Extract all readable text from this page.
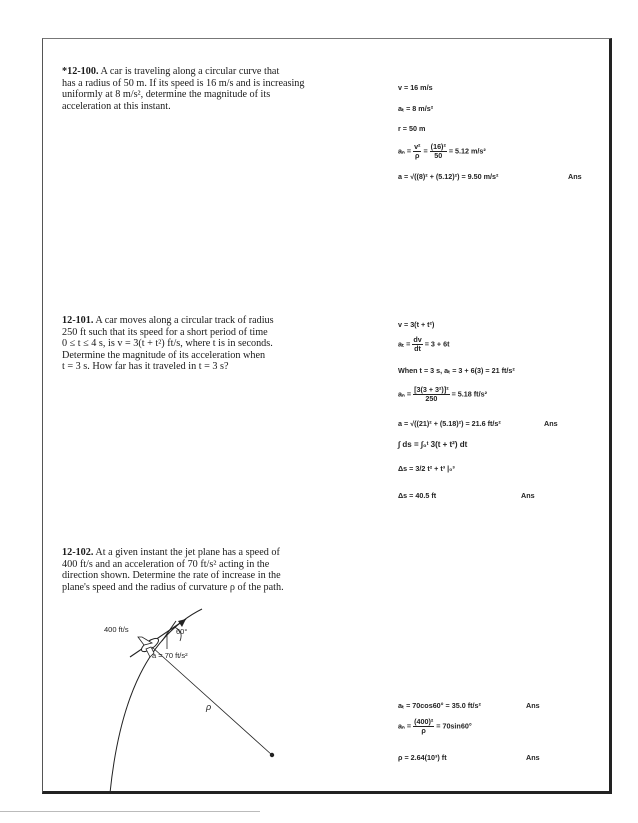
*12-100. A car is traveling along a circular curve that
has a radius of 50 m. If its speed is 16 m/s and is increasing
uniformly at 8 m/s², determine the magnitude of its
acceleration at this instant.
v = 16 m/s
aₜ = 8 m/s²
r = 50 m
$a_n = \frac{\text{v²}}{\rho} = \frac{\text{(16)²}}{50} = 5.12$ m/s²
a = √((8)² + (5.12)²) = 9.50 m/s²	Ans
12-101. A car moves along a circular track of radius
250 ft such that its speed for a short period of time
0 ≤ t ≤ 4 s, is v = 3(t + t²) ft/s, where t is in seconds.
Determine the magnitude of its acceleration when
t = 3 s. How far has it traveled in t = 3 s?
v = 3(t + t²)
$a_t = \frac{dv}{dt} = 3 + 6t$
When t = 3 s, aₜ = 3 + 6(3) = 21 ft/s²
$a_n = \frac{\text{[3(3 + 3²)]²}}{250} = 5.18$ ft/s²
a = √((21)² + (5.18)²) = 21.6 ft/s²	Ans
∫ ds = ∫₀ᵗ 3(t + t²) dt
Δs = 3/2 t² + t³ |₀³
Δs = 40.5 ft	Ans
12-102. At a given instant the jet plane has a speed of
400 ft/s and an acceleration of 70 ft/s² acting in the
direction shown. Determine the rate of increase in the
plane's speed and the radius of curvature ρ of the path.
400 ft/s	60°
a = 70 ft/s²
ρ	aₜ = 70cos60° = 35.0 ft/s²	Ans
$a_n = \frac{\text{(400)²}}{\rho} = 70\sin 60^\circ$
ρ = 2.64(10³) ft	Ans
